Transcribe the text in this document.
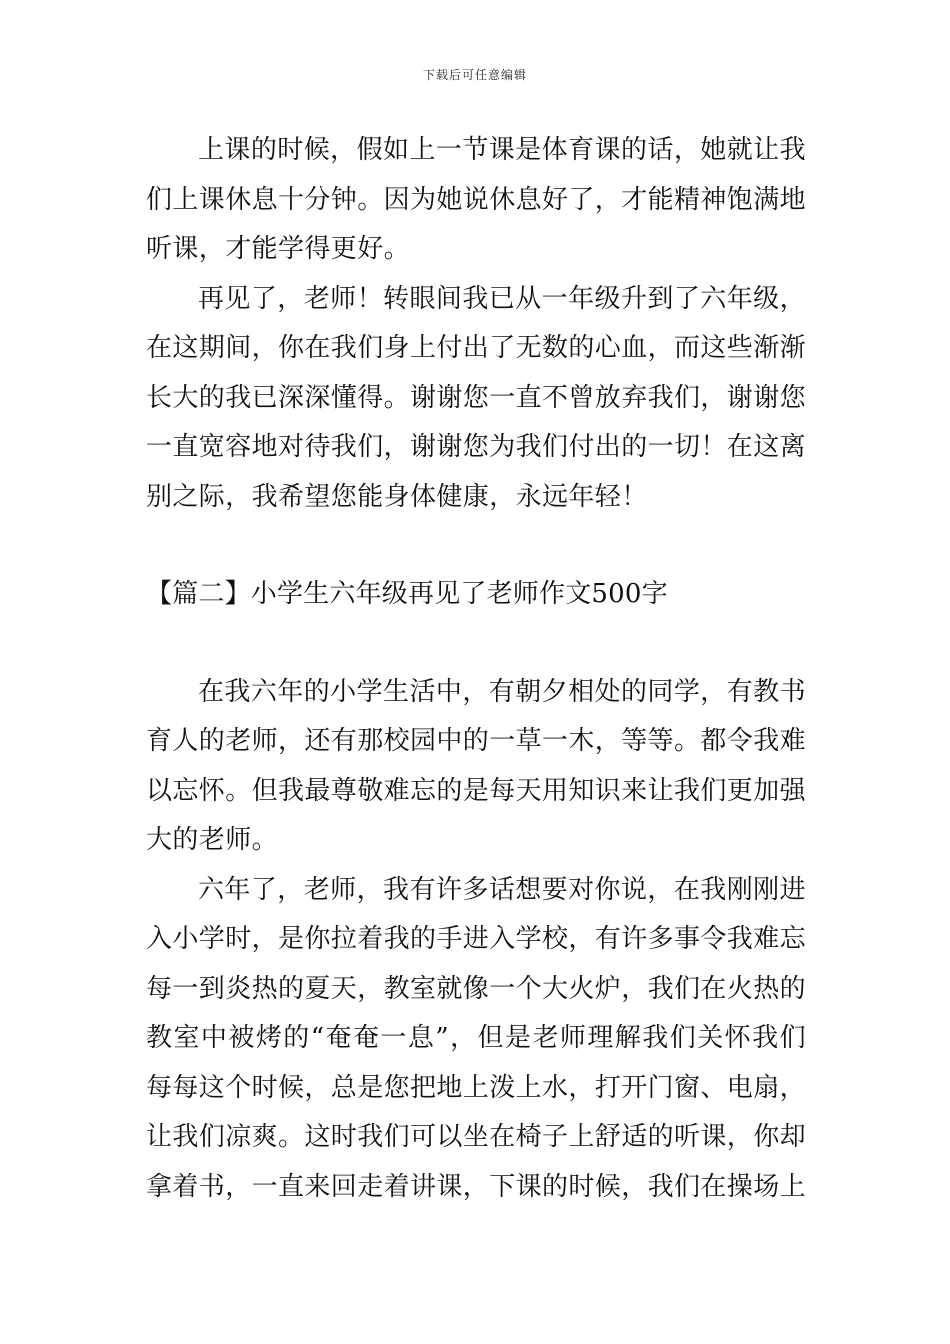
下载后可任意编辑

上课的时候，假如上一节课是体育课的话，她就让我们上课休息十分钟。因为她说休息好了，才能精神饱满地听课，才能学得更好。

再见了，老师！转眼间我已从一年级升到了六年级，在这期间，你在我们身上付出了无数的心血，而这些渐渐长大的我已深深懂得。谢谢您一直不曾放弃我们，谢谢您一直宽容地对待我们，谢谢您为我们付出的一切！在这离别之际，我希望您能身体健康，永远年轻！

【篇二】小学生六年级再见了老师作文500字

在我六年的小学生活中，有朝夕相处的同学，有教书育人的老师，还有那校园中的一草一木，等等。都令我难以忘怀。但我最尊敬难忘的是每天用知识来让我们更加强大的老师。

六年了，老师，我有许多话想要对你说，在我刚刚进入小学时，是你拉着我的手进入学校，有许多事令我难忘每一到炎热的夏天，教室就像一个大火炉，我们在火热的教室中被烤的“奄奄一息”，但是老师理解我们关怀我们每每这个时候，总是您把地上泼上水，打开门窗、电扇，让我们凉爽。这时我们可以坐在椅子上舒适的听课，你却拿着书，一直来回走着讲课，下课的时候，我们在操场上
